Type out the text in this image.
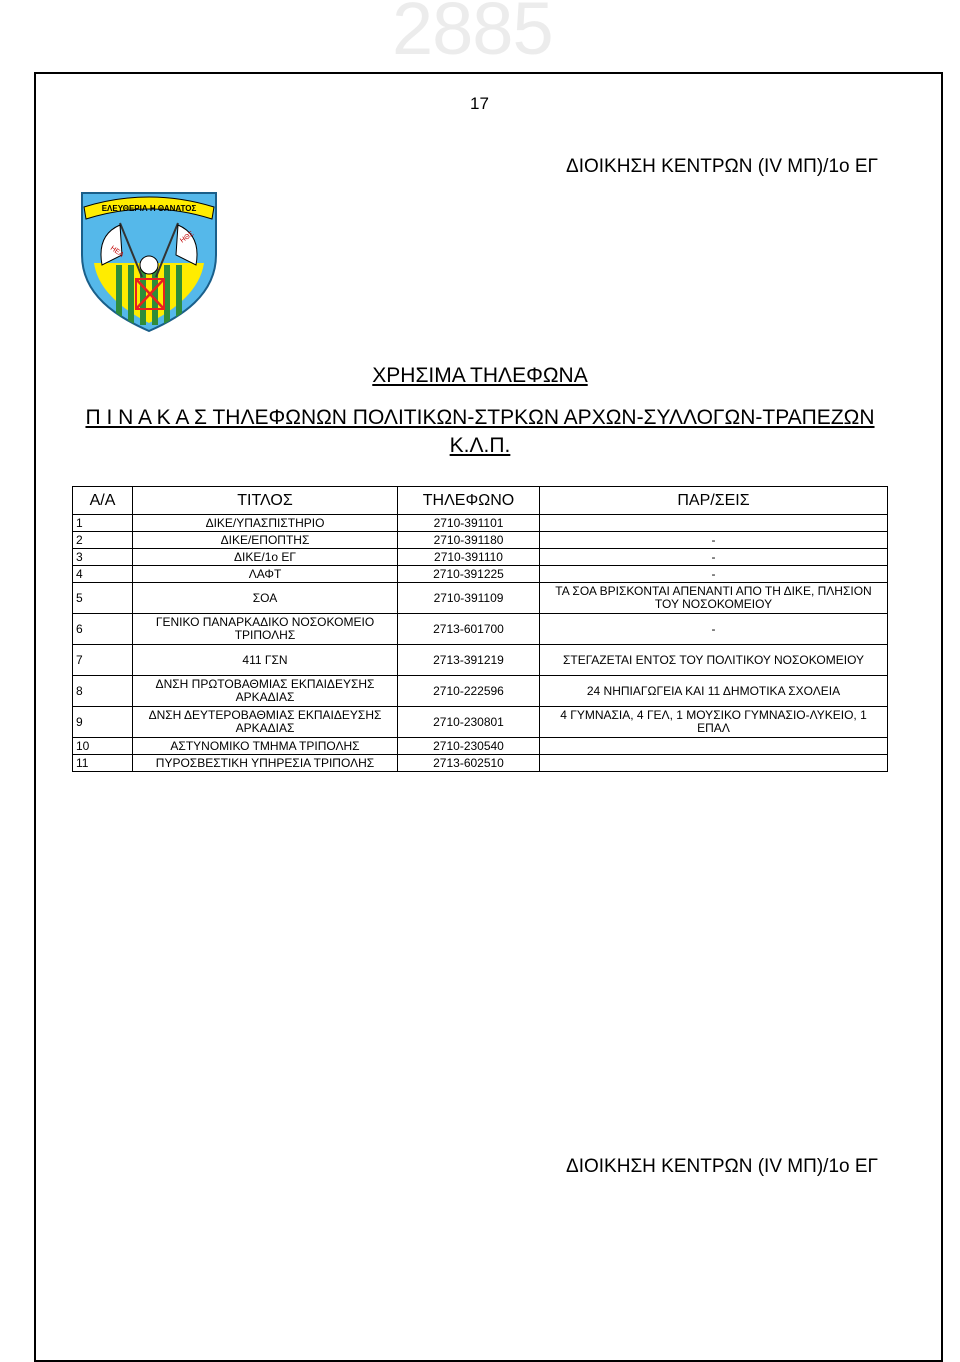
2885
17
ΔΙΟΙΚΗΣΗ ΚΕΝΤΡΩΝ (ΙV ΜΠ)/1ο ΕΓ
ΕΛΕΥΘΕΡΙΑ Η ΘΑΝΑΤΟΣ
ΗΕΑ
ΗΘΣ
ΧΡΗΣΙΜΑ ΤΗΛΕΦΩΝΑ
Π Ι Ν Α Κ Α Σ ΤΗΛΕΦΩΝΩΝ ΠΟΛΙΤΙΚΩΝ-ΣΤΡΚΩΝ ΑΡΧΩΝ-ΣΥΛΛΟΓΩΝ-ΤΡΑΠΕΖΩΝ Κ.Λ.Π.
Α/Α	ΤΙΤΛΟΣ	ΤΗΛΕΦΩΝΟ	ΠΑΡ/ΣΕΙΣ
1	ΔΙΚΕ/ΥΠΑΣΠΙΣΤΗΡΙΟ	2710-391101	
2	ΔΙΚΕ/ΕΠΟΠΤΗΣ	2710-391180	-
3	ΔΙΚΕ/1ο ΕΓ	2710-391110	-
4	ΛΑΦΤ	2710-391225	-
5	ΣΟΑ	2710-391109	ΤΑ ΣΟΑ ΒΡΙΣΚΟΝΤΑΙ ΑΠΕΝΑΝΤΙ ΑΠΟ ΤΗ ΔΙΚΕ, ΠΛΗΣΙΟΝ ΤΟΥ ΝΟΣΟΚΟΜΕΙΟΥ
6	ΓΕΝΙΚΟ ΠΑΝΑΡΚΑΔΙΚΟ ΝΟΣΟΚΟΜΕΙΟ ΤΡΙΠΟΛΗΣ	2713-601700	-
7	411 ΓΣΝ	2713-391219	ΣΤΕΓΑΖΕΤΑΙ ΕΝΤΟΣ ΤΟΥ ΠΟΛΙΤΙΚΟΥ ΝΟΣΟΚΟΜΕΙΟΥ
8	ΔΝΣΗ ΠΡΩΤΟΒΑΘΜΙΑΣ ΕΚΠΑΙΔΕΥΣΗΣ ΑΡΚΑΔΙΑΣ	2710-222596	24 ΝΗΠΙΑΓΩΓΕΙΑ ΚΑΙ 11 ΔΗΜΟΤΙΚΑ ΣΧΟΛΕΙΑ
9	ΔΝΣΗ ΔΕΥΤΕΡΟΒΑΘΜΙΑΣ ΕΚΠΑΙΔΕΥΣΗΣ ΑΡΚΑΔΙΑΣ	2710-230801	4 ΓΥΜΝΑΣΙΑ, 4 ΓΕΛ, 1 ΜΟΥΣΙΚΟ ΓΥΜΝΑΣΙΟ-ΛΥΚΕΙΟ, 1 ΕΠΑΛ
10	ΑΣΤΥΝΟΜΙΚΟ ΤΜΗΜΑ ΤΡΙΠΟΛΗΣ	2710-230540	
11	ΠΥΡΟΣΒΕΣΤΙΚΗ ΥΠΗΡΕΣΙΑ ΤΡΙΠΟΛΗΣ	2713-602510	
ΔΙΟΙΚΗΣΗ ΚΕΝΤΡΩΝ (ΙV ΜΠ)/1ο ΕΓ
